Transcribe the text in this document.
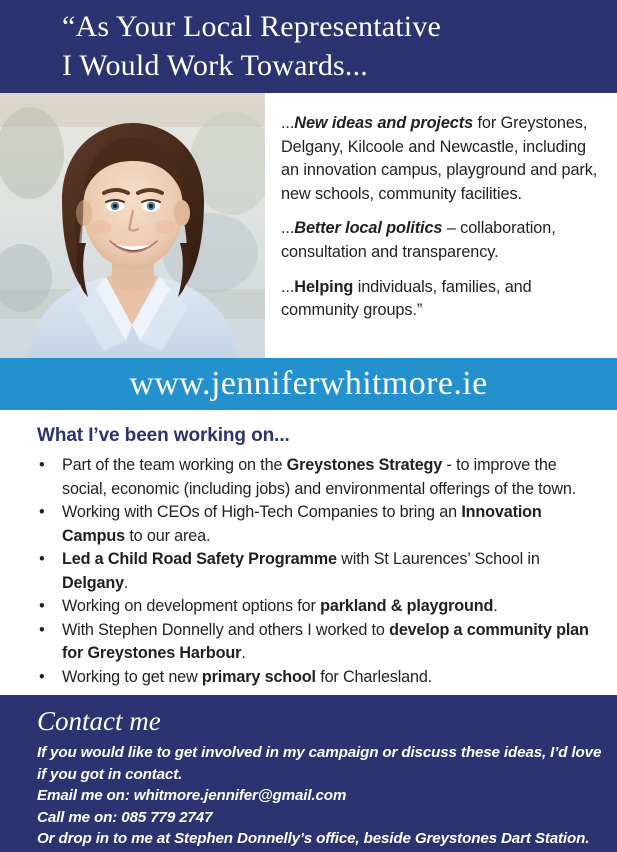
“As Your Local Representative
I Would Work Towards...

...New ideas and projects for Greystones, Delgany, Kilcoole and Newcastle, including an innovation campus, playground and park, new schools, community facilities.

...Better local politics – collaboration, consultation and transparency.

...Helping individuals, families, and community groups.”

www.jenniferwhitmore.ie
What I’ve been working on...
• Part of the team working on the Greystones Strategy - to improve the social, economic (including jobs) and environmental offerings of the town.
• Working with CEOs of High-Tech Companies to bring an Innovation Campus to our area.
• Led a Child Road Safety Programme with St Laurences’ School in Delgany.
• Working on development options for parkland & playground.
• With Stephen Donnelly and others I worked to develop a community plan for Greystones Harbour.
• Working to get new primary school for Charlesland.
Contact me
If you would like to get involved in my campaign or discuss these ideas, I’d love if you got in contact.
Email me on: whitmore.jennifer@gmail.com
Call me on: 085 779 2747
Or drop in to me at Stephen Donnelly’s office, beside Greystones Dart Station.
